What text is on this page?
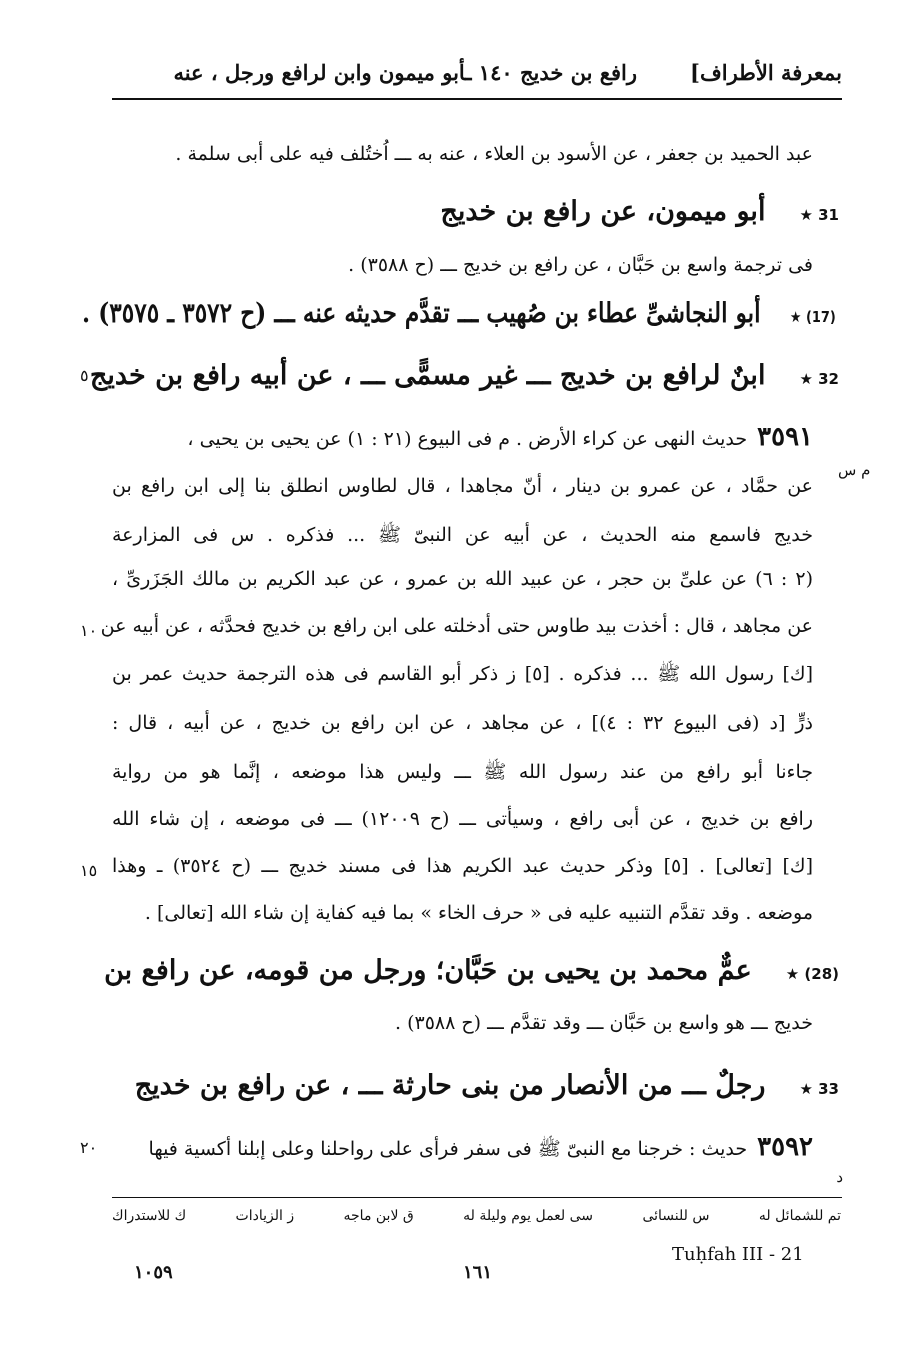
بمعرفة الأطراف]
رافع بن خديج ١٤٠ ـأبو ميمون وابن لرافع ورجل ، عنه
عبد الحميد بن جعفر ، عن الأسود بن العلاء ، عنه به ـــ اُختُلف فيه على أبى سلمة .
31 ★أبو ميمون، عن رافع بن خديج
فى ترجمة واسع بن حَبَّان ، عن رافع بن خديج ـــ (ح ٣٥٨٨) .
(17) ★أبو النجاشىِّ عطاء بن صُهيب ـــ تقدَّم حديثه عنه ـــ (ح ٣٥٧٢ ـ ٣٥٧٥) .
32 ★ابنٌ لرافع بن خديج ـــ غير مسمًّى ـــ ، عن أبيه رافع بن خديج
٥
٣٥٩١حديث النهى عن كراء الأرض . م فى البيوع (٢١ : ١) عن يحيى بن يحيى ،
عن حمَّاد ، عن عمرو بن دينار ، أنّ مجاهدا ، قال لطاوس انطلق بنا إلى ابن رافع بن
م س
خديج فاسمع منه الحديث ، عن أبيه عن النبىّ ﷺ ... فذكره . س فى المزارعة
(٢ : ٦) عن علىِّ بن حجر ، عن عبيد الله بن عمرو ، عن عبد الكريم بن مالك الجَزَرىِّ ،
عن مجاهد ، قال : أخذت بيد طاوس حتى أدخلته على ابن رافع بن خديج فحدَّثه ، عن أبيه عن
١٠
[ك] رسول الله ﷺ ... فذكره . [٥] ز ذكر أبو القاسم فى هذه الترجمة حديث عمر بن
ذرٍّ [د (فى البيوع ٣٢ : ٤)] ، عن مجاهد ، عن ابن رافع بن خديج ، عن أبيه ، قال :
جاءنا أبو رافع من عند رسول الله ﷺ ـــ وليس هذا موضعه ، إنَّما هو من رواية
رافع بن خديج ، عن أبى رافع ، وسيأتى ـــ (ح ١٢٠٠٩) ـــ فى موضعه ، إن شاء الله
[ك] [تعالى] . [٥] وذكر حديث عبد الكريم هذا فى مسند خديج ـــ (ح ٣٥٢٤) ـ وهذا
١٥
موضعه . وقد تقدَّم التنبيه عليه فى « حرف الخاء » بما فيه كفاية إن شاء الله [تعالى] .
(28) ★عمٌّ محمد بن يحيى بن حَبَّان؛ ورجل من قومه، عن رافع بن
خديج ـــ هو واسع بن حَبَّان ـــ وقد تقدَّم ـــ (ح ٣٥٨٨) .
33 ★رجلٌ ـــ من الأنصار من بنى حارثة ـــ ، عن رافع بن خديج
٣٥٩٢حديث : خرجنا مع النبىّ ﷺ فى سفر فرأى على رواحلنا وعلى إبلنا أكسية فيها
٢٠
د
تم للشمائل له
س للنسائى
سى لعمل يوم وليلة له
ق لابن ماجه
ز الزيادات
ك للاستدراك
Tuḥfah III - 21
١٠٥٩	١٦١
